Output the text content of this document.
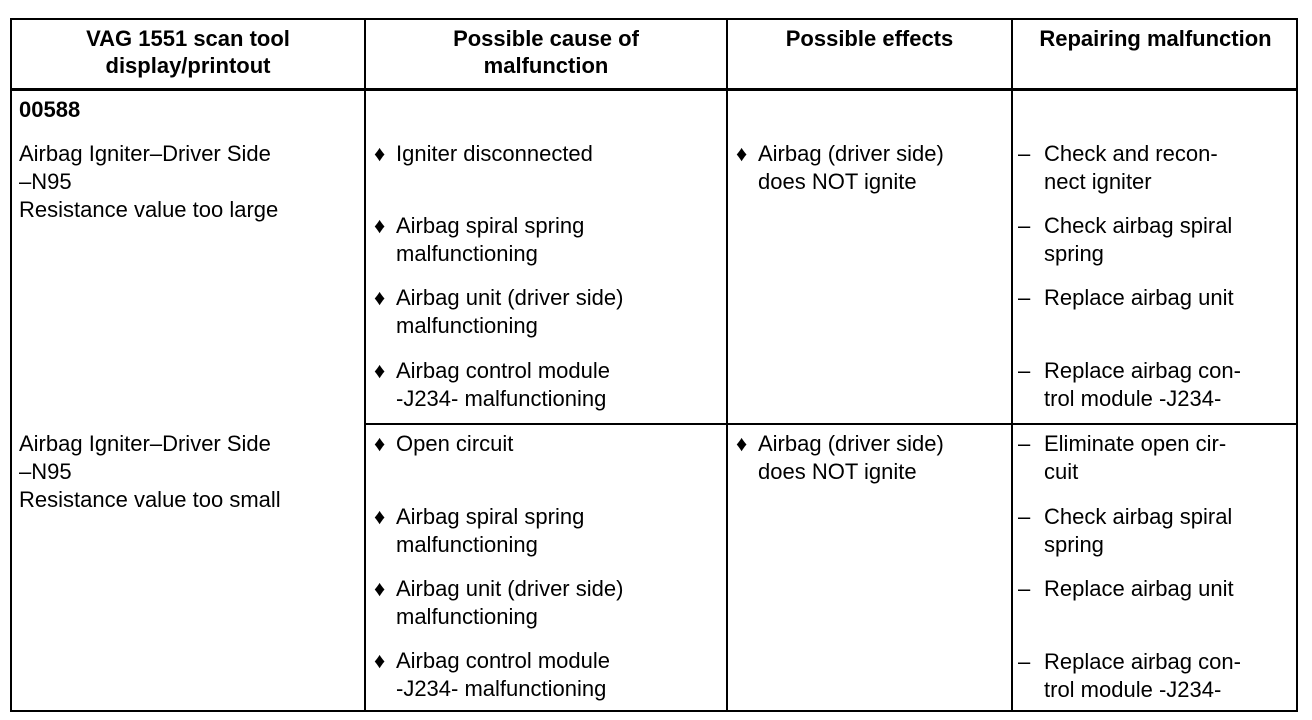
VAG 1551 scan tool
display/printout
Possible cause of
malfunction
Possible effects	Repairing malfunction
00588
Airbag Igniter–Driver Side
–N95
Resistance value too large
♦ Igniter disconnected
♦ Airbag spiral spring
malfunctioning
♦ Airbag unit (driver side)
malfunctioning
♦ Airbag control module
-J234- malfunctioning
♦ Airbag (driver side)
does NOT ignite
– Check and recon-
nect igniter
– Check airbag spiral
spring
– Replace airbag unit
– Replace airbag con-
trol module -J234-
Airbag Igniter–Driver Side
–N95
Resistance value too small
♦ Open circuit
♦ Airbag spiral spring
malfunctioning
♦ Airbag unit (driver side)
malfunctioning
♦ Airbag control module
-J234- malfunctioning
♦ Airbag (driver side)
does NOT ignite
– Eliminate open cir-
cuit
– Check airbag spiral
spring
– Replace airbag unit
– Replace airbag con-
trol module -J234-
